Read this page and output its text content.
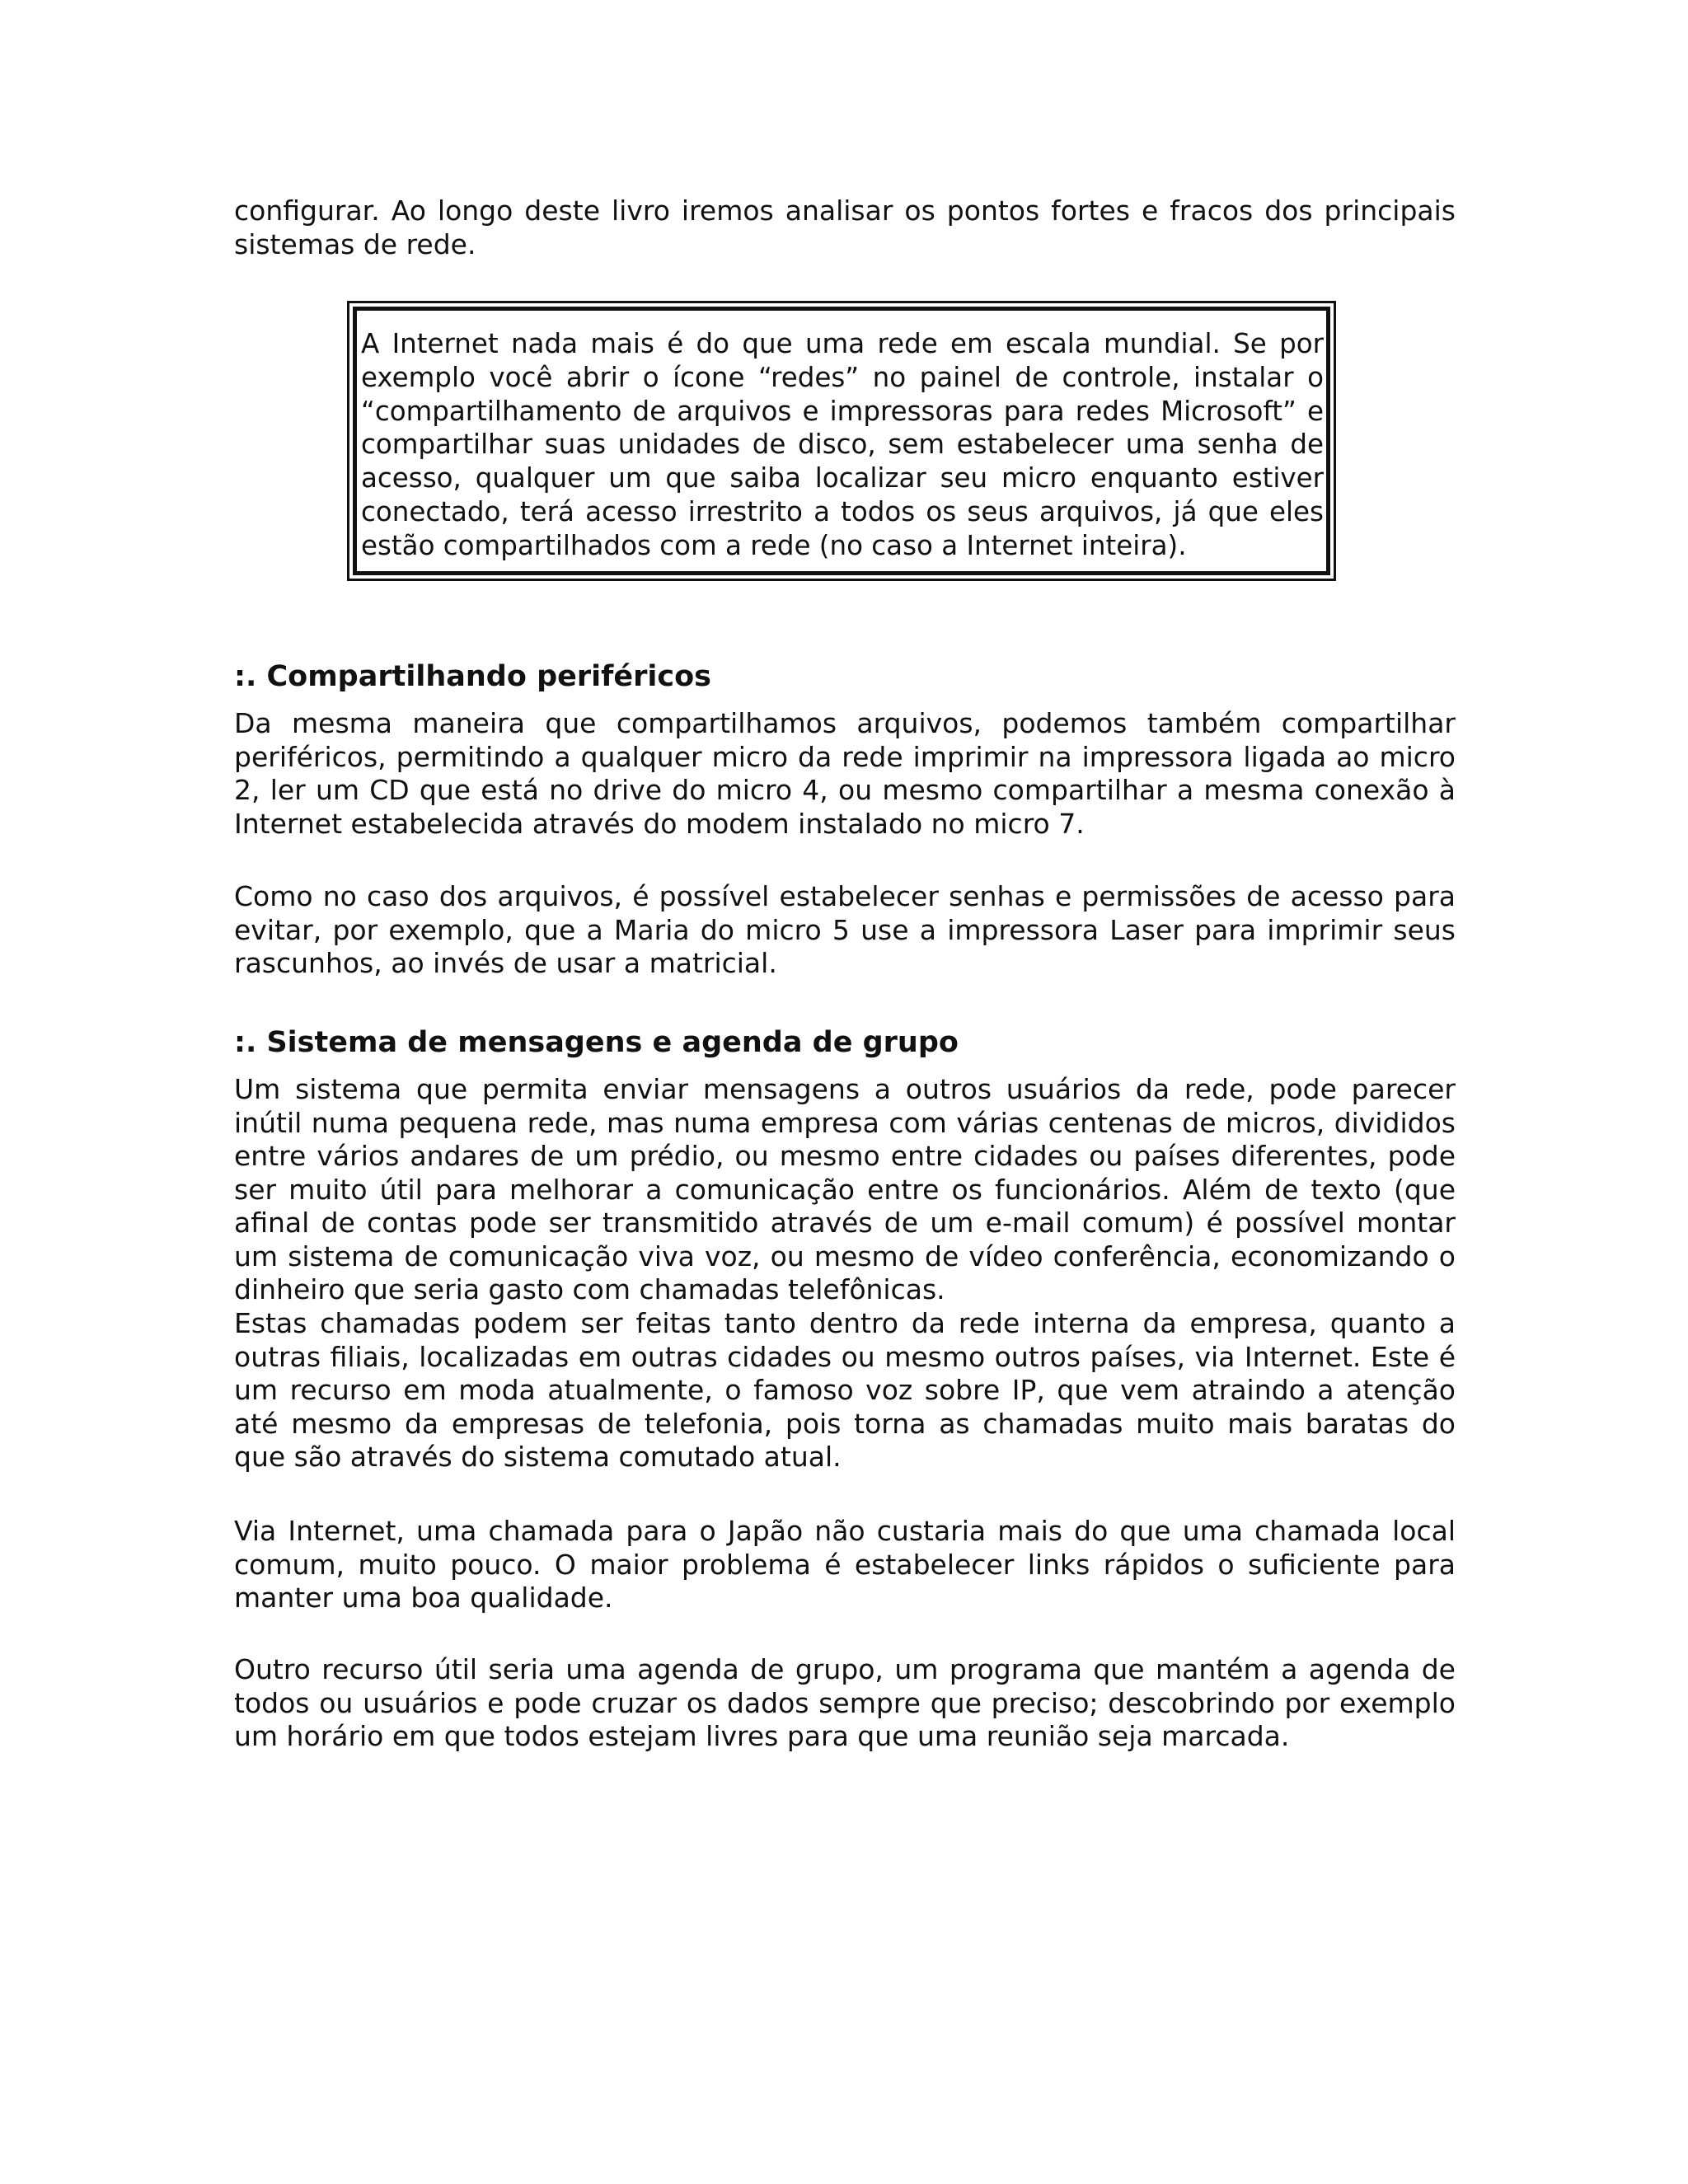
configurar. Ao longo deste livro iremos analisar os pontos fortes e fracos dos principais sistemas de rede.

A Internet nada mais é do que uma rede em escala mundial. Se por exemplo você abrir o ícone “redes” no painel de controle, instalar o “compartilhamento de arquivos e impressoras para redes Microsoft” e compartilhar suas unidades de disco, sem estabelecer uma senha de acesso, qualquer um que saiba localizar seu micro enquanto estiver conectado, terá acesso irrestrito a todos os seus arquivos, já que eles estão compartilhados com a rede (no caso a Internet inteira).

:. Compartilhando periféricos

Da mesma maneira que compartilhamos arquivos, podemos também compartilhar periféricos, permitindo a qualquer micro da rede imprimir na impressora ligada ao micro 2, ler um CD que está no drive do micro 4, ou mesmo compartilhar a mesma conexão à Internet estabelecida através do modem instalado no micro 7.

Como no caso dos arquivos, é possível estabelecer senhas e permissões de acesso para evitar, por exemplo, que a Maria do micro 5 use a impressora Laser para imprimir seus rascunhos, ao invés de usar a matricial.

:. Sistema de mensagens e agenda de grupo

Um sistema que permita enviar mensagens a outros usuários da rede, pode parecer inútil numa pequena rede, mas numa empresa com várias centenas de micros, divididos entre vários andares de um prédio, ou mesmo entre cidades ou países diferentes, pode ser muito útil para melhorar a comunicação entre os funcionários. Além de texto (que afinal de contas pode ser transmitido através de um e-mail comum) é possível montar um sistema de comunicação viva voz, ou mesmo de vídeo conferência, economizando o dinheiro que seria gasto com chamadas telefônicas.

Estas chamadas podem ser feitas tanto dentro da rede interna da empresa, quanto a outras filiais, localizadas em outras cidades ou mesmo outros países, via Internet. Este é um recurso em moda atualmente, o famoso voz sobre IP, que vem atraindo a atenção até mesmo da empresas de telefonia, pois torna as chamadas muito mais baratas do que são através do sistema comutado atual.

Via Internet, uma chamada para o Japão não custaria mais do que uma chamada local comum, muito pouco. O maior problema é estabelecer links rápidos o suficiente para manter uma boa qualidade.

Outro recurso útil seria uma agenda de grupo, um programa que mantém a agenda de todos ou usuários e pode cruzar os dados sempre que preciso; descobrindo por exemplo um horário em que todos estejam livres para que uma reunião seja marcada.
